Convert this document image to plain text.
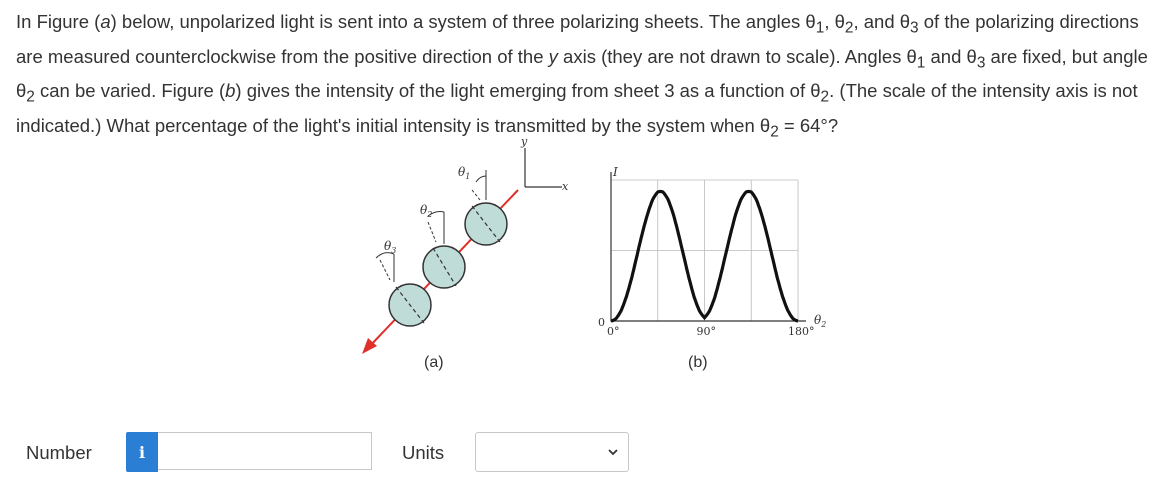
In Figure (a) below, unpolarized light is sent into a system of three polarizing sheets. The angles $\theta_1$, $\theta_2$, and $\theta_3$ of the polarizing directions are measured counterclockwise from the positive direction of the y axis (they are not drawn to scale). Angles $\theta_1$ and $\theta_3$ are fixed, but angle $\theta_2$ can be varied. Figure (b) gives the intensity of the light emerging from sheet 3 as a function of $\theta_2$. (The scale of the intensity axis is not indicated.) What percentage of the light's initial intensity is transmitted by the system when $\theta_2 = 64^\circ$?

y
x
$\theta_1$
$\theta_2$
$\theta_3$
(a)
I
0	$\theta_2$
0°	90°	180°
(b)
Number	i	Units
